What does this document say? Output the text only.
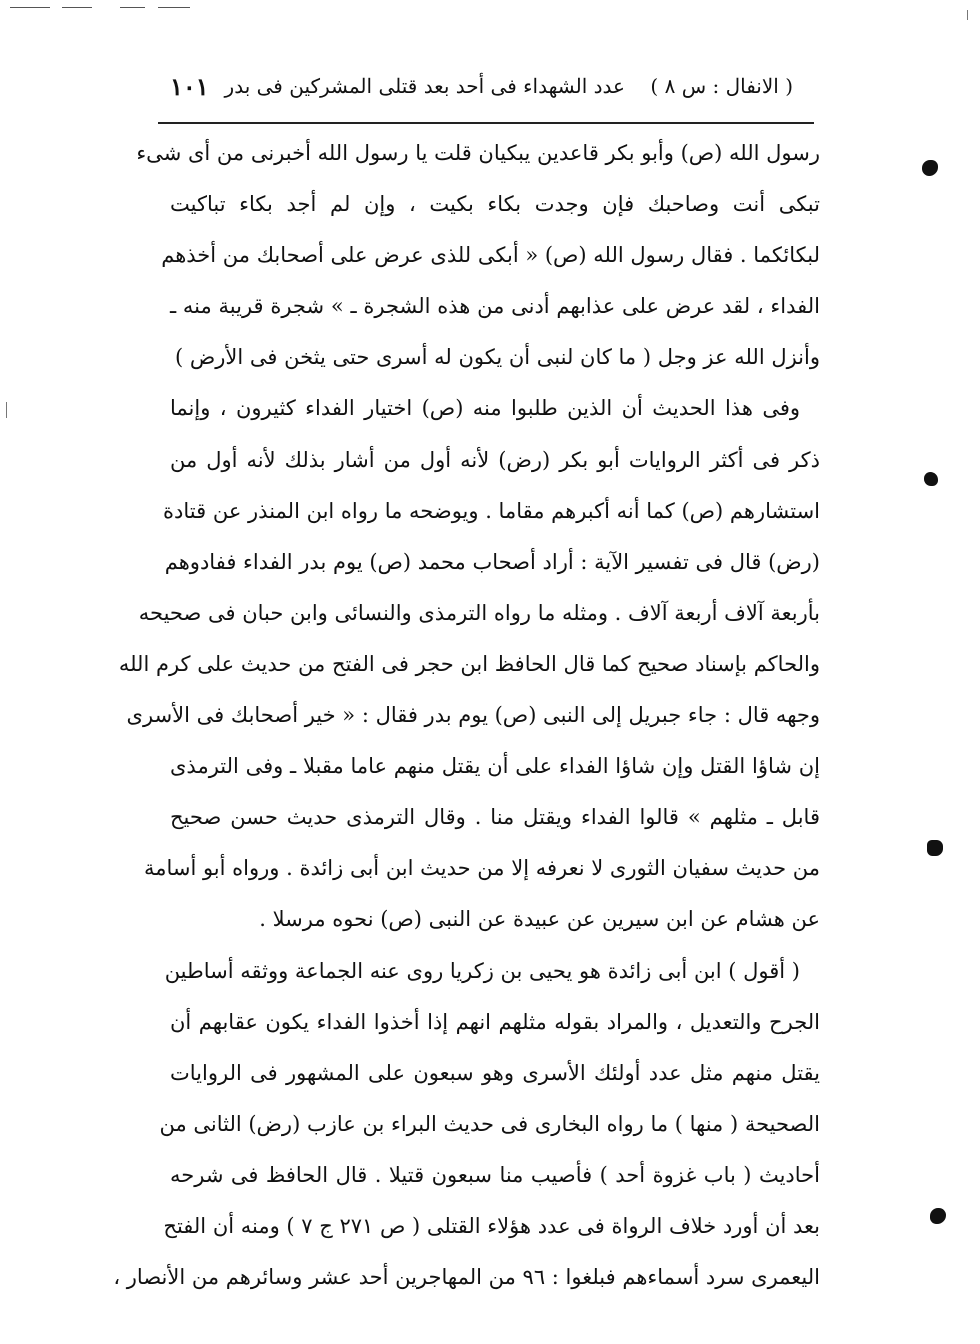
( الانفال : س ٨ )
عدد الشهداء فى أحد بعد قتلى المشركين فى بدر
١٠١
رسول الله (ص) وأبو بكر قاعدين يبكيان قلت يا رسول الله أخبرنى من أى شىء
تبكى أنت وصاحبك فإن وجدت بكاء بكيت ، وإن لم أجد بكاء تباكيت
لبكائكما . فقال رسول الله (ص) « أبكى للذى عرض على أصحابك من أخذهم
الفداء ، لقد عرض على عذابهم أدنى من هذه الشجرة ـ » شجرة قريبة منه ـ
وأنزل الله عز وجل ( ما كان لنبى أن يكون له أسرى حتى يثخن فى الأرض )
وفى هذا الحديث أن الذين طلبوا منه (ص) اختيار الفداء كثيرون ، وإنما
ذكر فى أكثر الروايات أبو بكر (رض) لأنه أول من أشار بذلك لأنه أول من
استشارهم (ص) كما أنه أكبرهم مقاما . ويوضحه ما رواه ابن المنذر عن قتادة
(رض) قال فى تفسير الآية : أراد أصحاب محمد (ص) يوم بدر الفداء ففادوهم
بأربعة آلاف أربعة آلاف . ومثله ما رواه الترمذى والنسائى وابن حبان فى صحيحه
والحاكم بإسناد صحيح كما قال الحافظ ابن حجر فى الفتح من حديث على كرم الله
وجهه قال : جاء جبريل إلى النبى (ص) يوم بدر فقال : « خير أصحابك فى الأسرى
إن شاؤا القتل وإن شاؤا الفداء على أن يقتل منهم عاما مقبلا ـ وفى الترمذى
قابل ـ مثلهم » قالوا الفداء ويقتل منا . وقال الترمذى حديث حسن صحيح
من حديث سفيان الثورى لا نعرفه إلا من حديث ابن أبى زائدة . ورواه أبو أسامة
عن هشام عن ابن سيرين عن عبيدة عن النبى (ص) نحوه مرسلا .
( أقول ) ابن أبى زائدة هو يحيى بن زكريا روى عنه الجماعة ووثقه أساطين
الجرح والتعديل ، والمراد بقوله مثلهم انهم إذا أخذوا الفداء يكون عقابهم أن
يقتل منهم مثل عدد أولئك الأسرى وهو سبعون على المشهور فى الروايات
الصحيحة ( منها ) ما رواه البخارى فى حديث البراء بن عازب (رض) الثانى من
أحاديث ( باب غزوة أحد ) فأصيب منا سبعون قتيلا . قال الحافظ فى شرحه
بعد أن أورد خلاف الرواة فى عدد هؤلاء القتلى ( ص ٢٧١ ج ٧ ) ومنه أن الفتح
اليعمرى سرد أسماءهم فبلغوا : ٩٦ من المهاجرين أحد عشر وسائرهم من الأنصار ،
